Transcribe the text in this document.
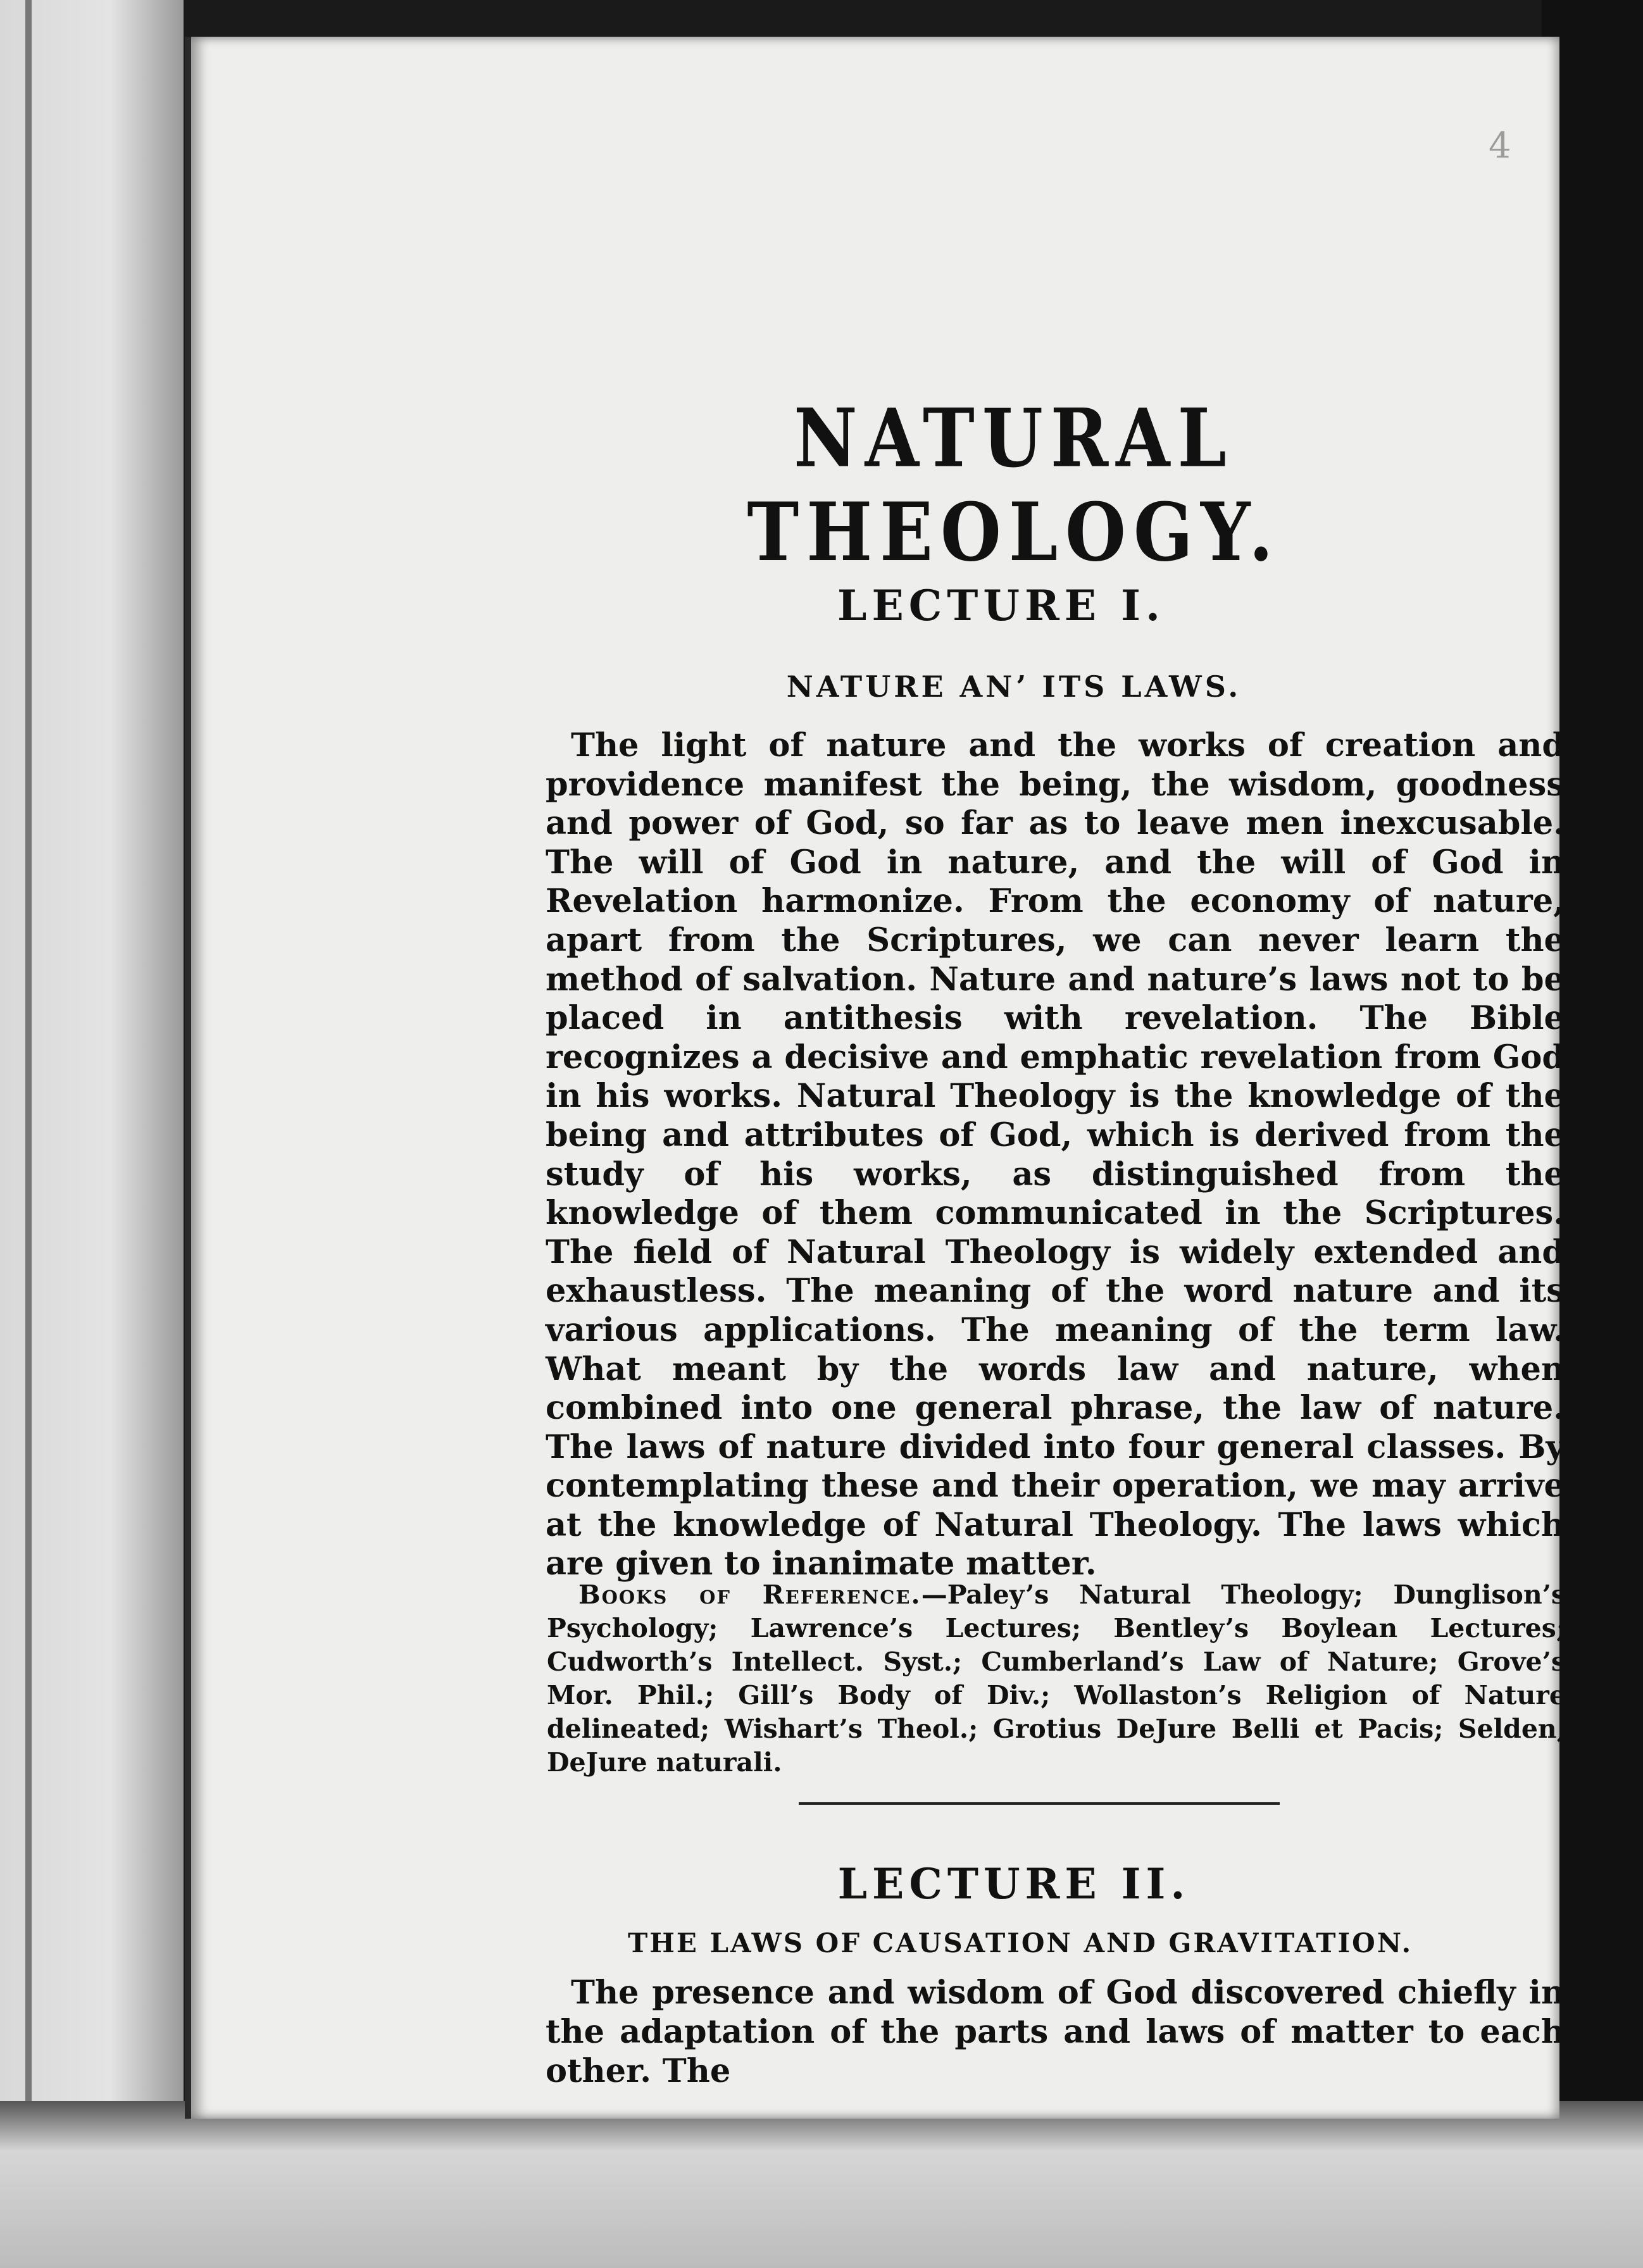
4
NATURAL THEOLOGY.
LECTURE I.
NATURE ANʼ ITS LAWS.
The light of nature and the works of creation and providence manifest the being, the wisdom, goodness and power of God, so far as to leave men inexcusable. The will of God in nature, and the will of God in Revelation harmonize. From the economy of nature, apart from the Scriptures, we can never learn the method of salvation. Nature and nature’s laws not to be placed in antithesis with revelation. The Bible recognizes a decisive and emphatic revelation from God in his works. Natural Theology is the knowledge of the being and attributes of God, which is derived from the study of his works, as distinguished from the knowledge of them communicated in the Scriptures. The field of Natural Theology is widely extended and exhaustless. The meaning of the word nature and its various applications. The meaning of the term law. What meant by the words law and nature, when combined into one general phrase, the law of nature. The laws of nature divided into four general classes. By contemplating these and their operation, we may arrive at the knowledge of Natural Theology. The laws which are given to inanimate matter.
Books of Reference.—Paley’s Natural Theology; Dunglison’s Psychology; Lawrence’s Lectures; Bentley’s Boylean Lectures; Cudworth’s Intellect. Syst.; Cumberland’s Law of Nature; Grove’s Mor. Phil.; Gill’s Body of Div.; Wollaston’s Religion of Nature delineated; Wishart’s Theol.; Grotius DeJure Belli et Pacis; Selden, DeJure naturali.
LECTURE II.
THE LAWS OF CAUSATION AND GRAVITATION.
The presence and wisdom of God discovered chiefly in the adaptation of the parts and laws of matter to each other. The
